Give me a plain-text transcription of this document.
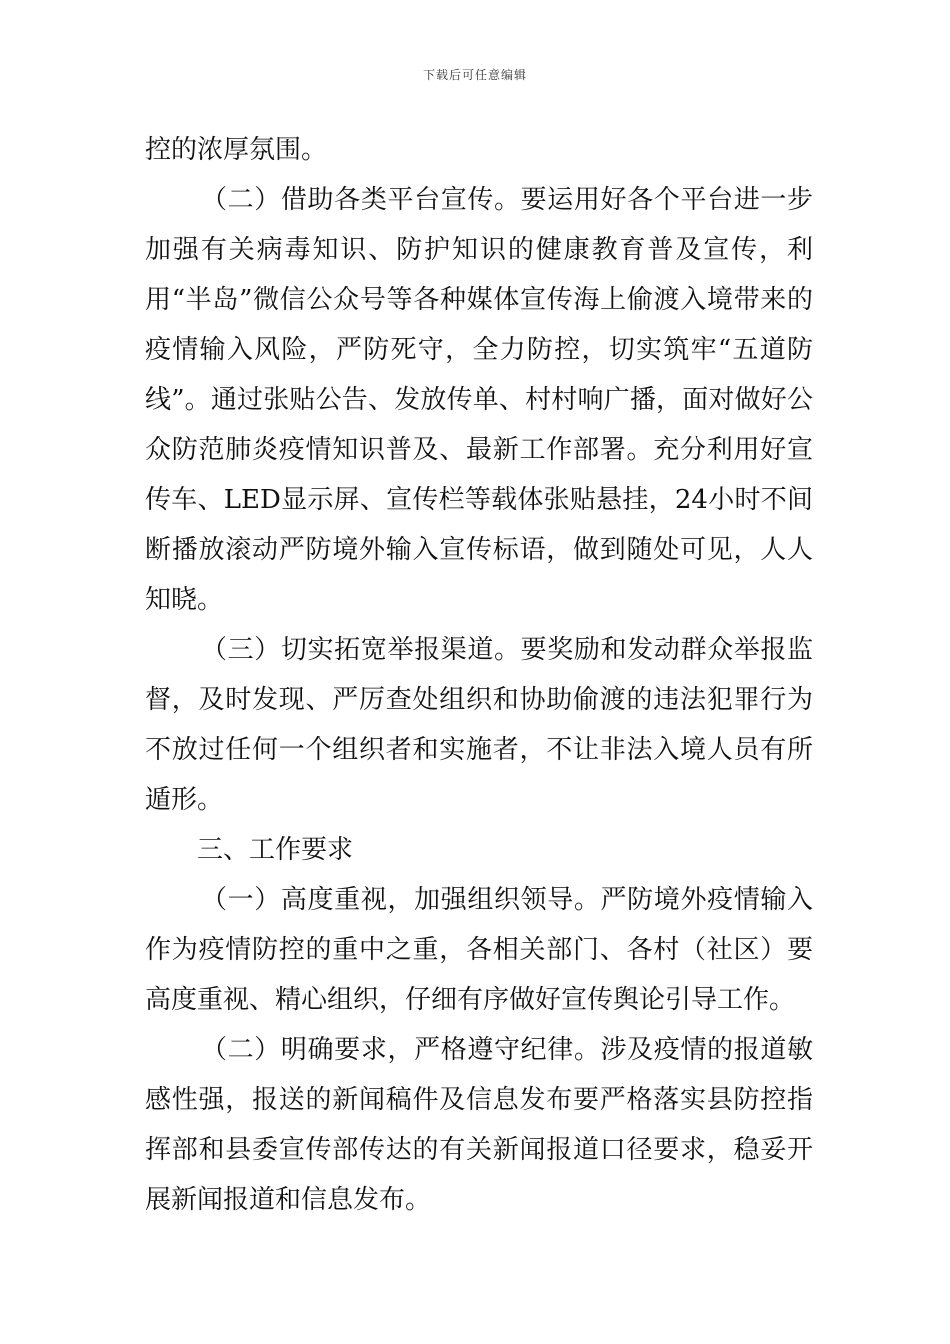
下载后可任意编辑

控的浓厚氛围。

（二）借助各类平台宣传。要运用好各个平台进一步加强有关病毒知识、防护知识的健康教育普及宣传，利用“半岛”微信公众号等各种媒体宣传海上偷渡入境带来的疫情输入风险，严防死守，全力防控，切实筑牢“五道防线”。通过张贴公告、发放传单、村村响广播，面对做好公众防范肺炎疫情知识普及、最新工作部署。充分利用好宣传车、LED显示屏、宣传栏等载体张贴悬挂，24小时不间断播放滚动严防境外输入宣传标语，做到随处可见，人人知晓。

（三）切实拓宽举报渠道。要奖励和发动群众举报监督，及时发现、严厉查处组织和协助偷渡的违法犯罪行为不放过任何一个组织者和实施者，不让非法入境人员有所遁形。

三、工作要求

（一）高度重视，加强组织领导。严防境外疫情输入作为疫情防控的重中之重，各相关部门、各村（社区）要高度重视、精心组织，仔细有序做好宣传舆论引导工作。

（二）明确要求，严格遵守纪律。涉及疫情的报道敏感性强，报送的新闻稿件及信息发布要严格落实县防控指挥部和县委宣传部传达的有关新闻报道口径要求，稳妥开展新闻报道和信息发布。
